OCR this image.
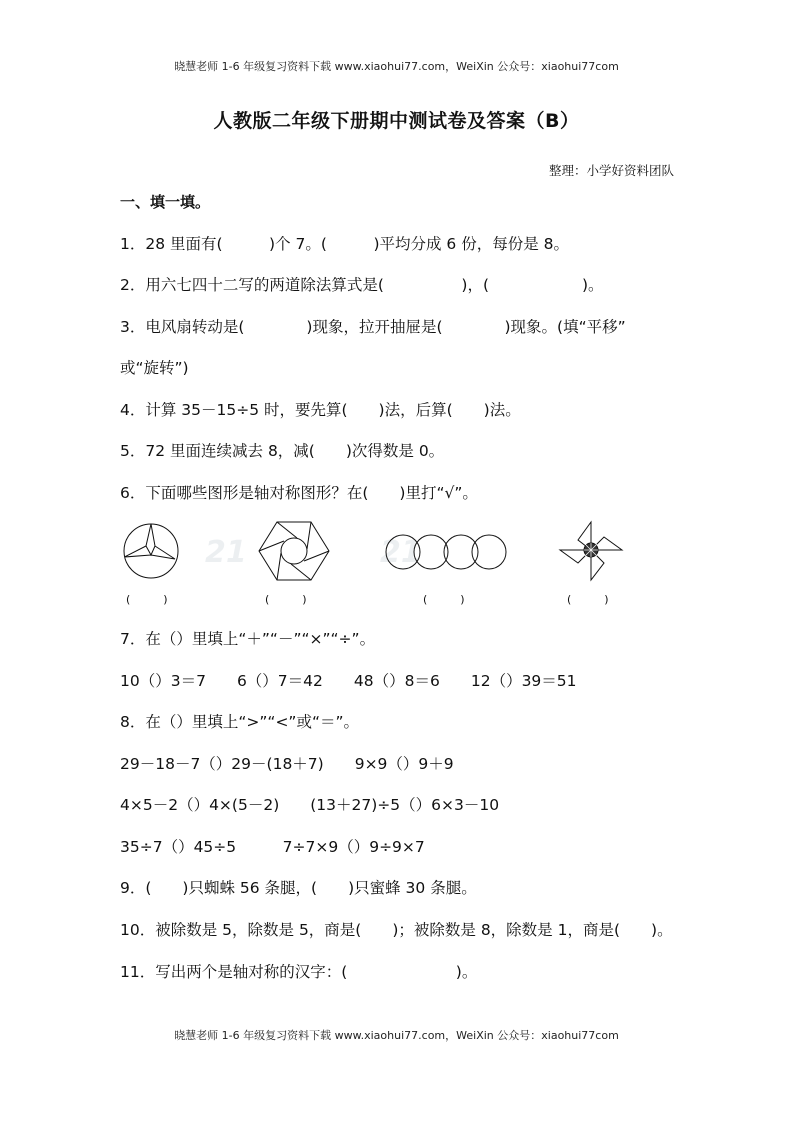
晓慧老师 1-6 年级复习资料下载 www.xiaohui77.com，WeiXin 公众号：xiaohui77com
人教版二年级下册期中测试卷及答案（B）
整理：小学好资料团队
一、填一填。
1．28 里面有(　　　)个 7。(　　　)平均分成 6 份，每份是 8。
2．用六七四十二写的两道除法算式是(　　　　　)，(　　　　　　)。
3．电风扇转动是(　　　　)现象，拉开抽屉是(　　　　)现象。(填“平移”
或“旋转”)
4．计算 35－15÷5 时，要先算(　　)法，后算(　　)法。
5．72 里面连续减去 8，减(　　)次得数是 0。
6．下面哪些图形是轴对称图形？在(　　)里打“√”。
21	21
(　　　)	(　　　)	(　　　)	(　　　)
7．在（）里填上“＋”“－”“×”“÷”。
10（）3＝7　　6（）7＝42　　48（）8＝6　　12（）39＝51
8．在（）里填上“>”“<”或“＝”。
29－18－7（）29－(18＋7)　　9×9（）9＋9
4×5－2（）4×(5－2)　　(13＋27)÷5（）6×3－10
35÷7（）45÷5　　　7÷7×9（）9÷9×7
9．(　　)只蜘蛛 56 条腿，(　　)只蜜蜂 30 条腿。
10．被除数是 5，除数是 5，商是(　　)；被除数是 8，除数是 1，商是(　　)。
11．写出两个是轴对称的汉字：(　　　　　　　)。
晓慧老师 1-6 年级复习资料下载 www.xiaohui77.com，WeiXin 公众号：xiaohui77com
